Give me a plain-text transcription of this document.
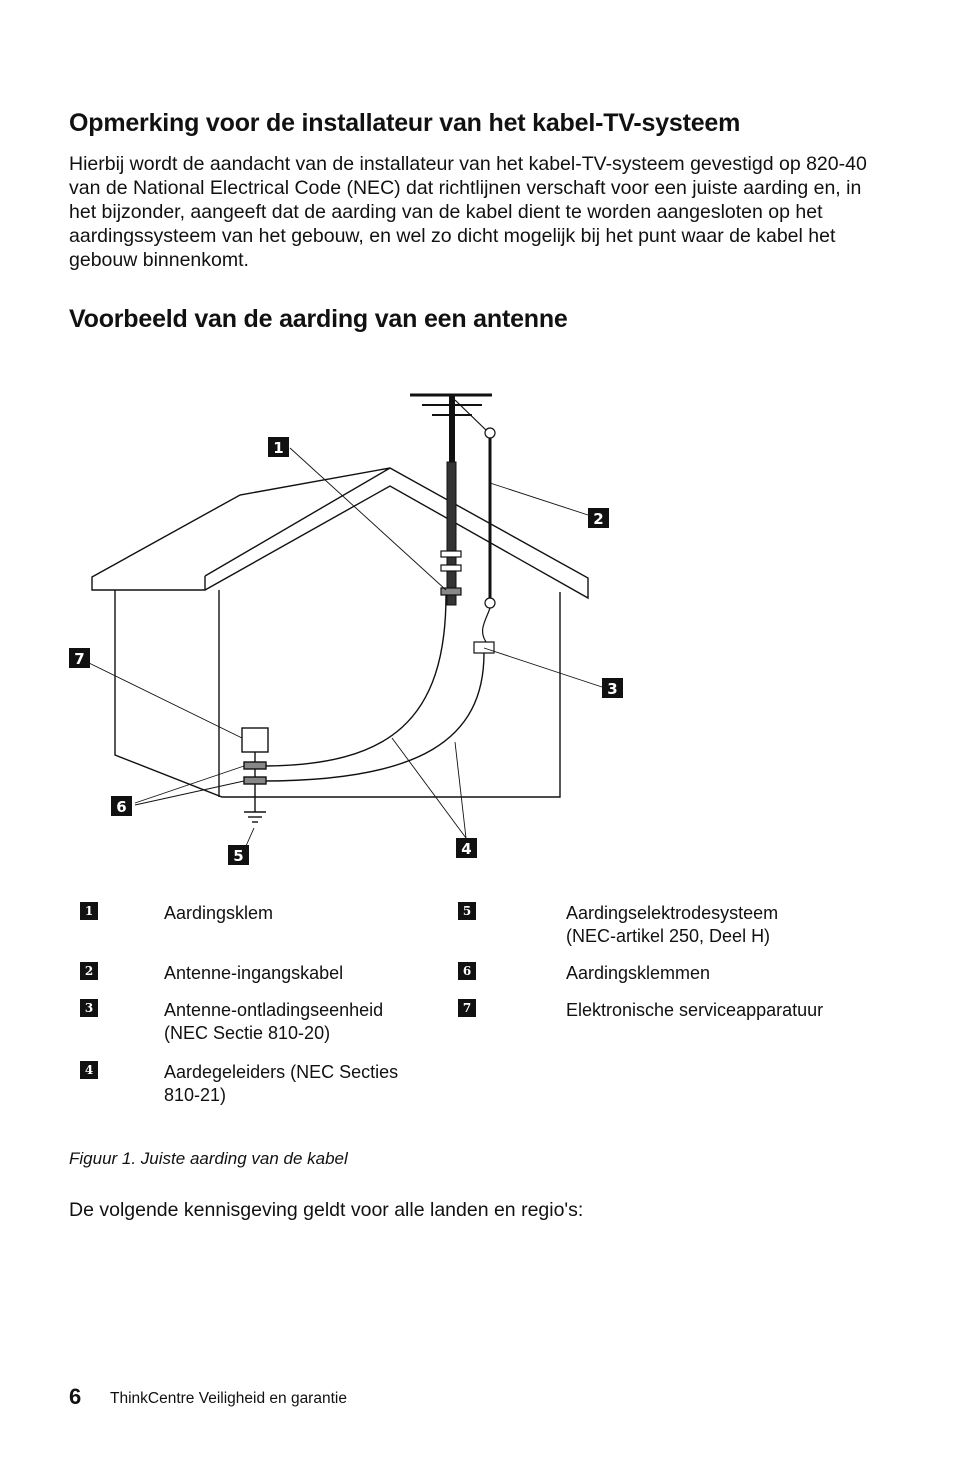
Opmerking voor de installateur van het kabel-TV-systeem

Hierbij wordt de aandacht van de installateur van het kabel-TV-systeem gevestigd op 820-40 van de National Electrical Code (NEC) dat richtlijnen verschaft voor een juiste aarding en, in het bijzonder, aangeeft dat de aarding van de kabel dient te worden aangesloten op het aardingssysteem van het gebouw, en wel zo dicht mogelijk bij het punt waar de kabel het gebouw binnenkomt.

Voorbeeld van de aarding van een antenne
1
2
3
4
5
6
7
1	Aardingsklem
2	Antenne-ingangskabel
3	Antenne-ontladingseenheid (NEC Sectie 810-20)
4	Aardegeleiders (NEC Secties 810-21)
5	Aardingselektrodesysteem (NEC-artikel 250, Deel H)
6	Aardingsklemmen
7	Elektronische serviceapparatuur
Figuur 1. Juiste aarding van de kabel

De volgende kennisgeving geldt voor alle landen en regio's:

6 ThinkCentre Veiligheid en garantie
